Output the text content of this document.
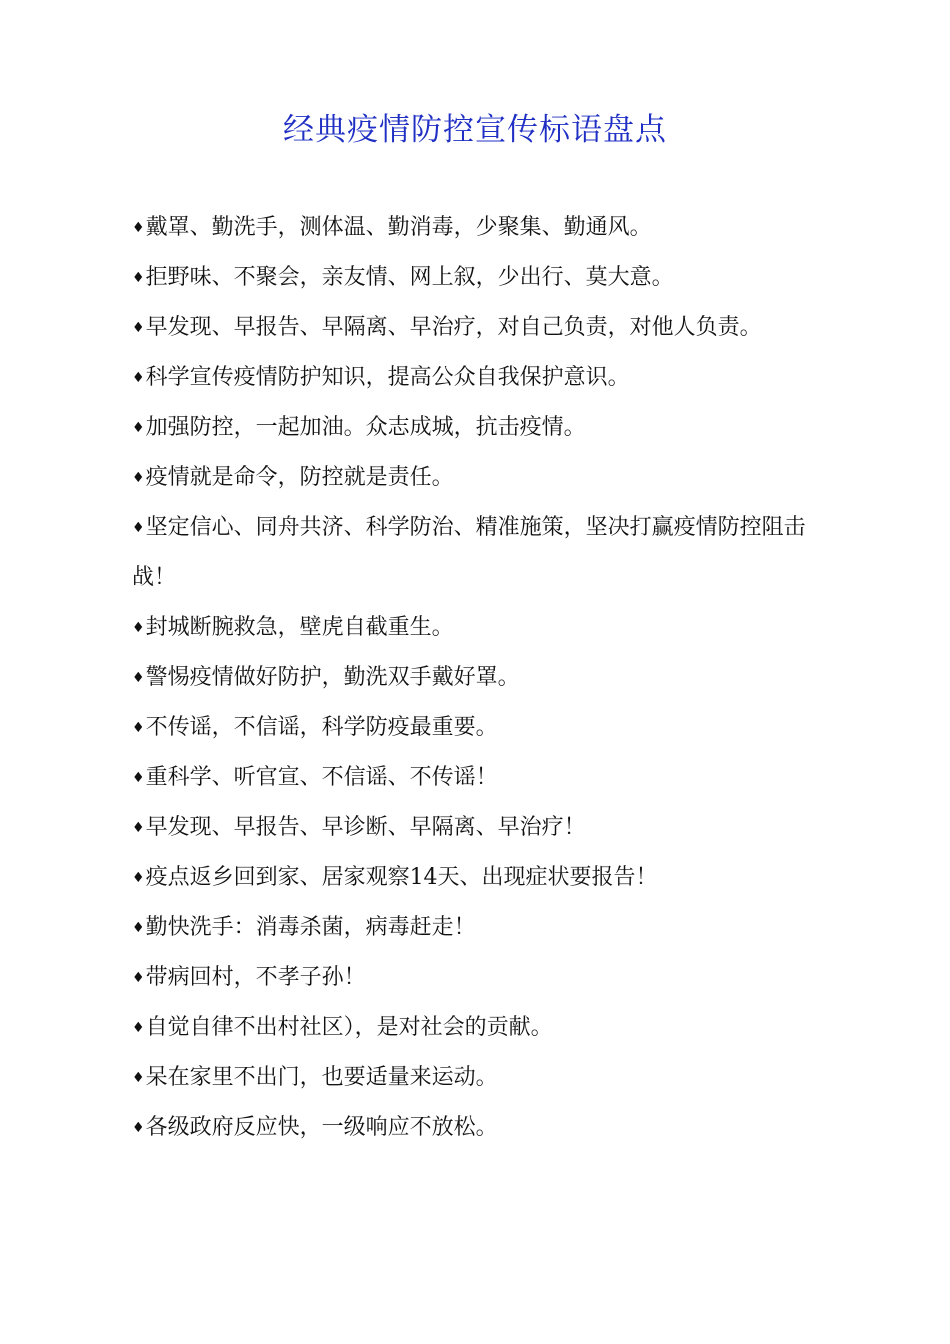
经典疫情防控宣传标语盘点
♦戴罩、勤洗手，测体温、勤消毒，少聚集、勤通风。
♦拒野味、不聚会，亲友情、网上叙，少出行、莫大意。
♦早发现、早报告、早隔离、早治疗，对自己负责，对他人负责。
♦科学宣传疫情防护知识，提高公众自我保护意识。
♦加强防控，一起加油。众志成城，抗击疫情。
♦疫情就是命令，防控就是责任。
♦坚定信心、同舟共济、科学防治、精准施策，坚决打赢疫情防控阻击战！
♦封城断腕救急，壁虎自截重生。
♦警惕疫情做好防护，勤洗双手戴好罩。
♦不传谣，不信谣，科学防疫最重要。
♦重科学、听官宣、不信谣、不传谣！
♦早发现、早报告、早诊断、早隔离、早治疗！
♦疫点返乡回到家、居家观察14天、出现症状要报告！
♦勤快洗手：消毒杀菌，病毒赶走！
♦带病回村，不孝子孙！
♦自觉自律不出村社区），是对社会的贡献。
♦呆在家里不出门，也要适量来运动。
♦各级政府反应快，一级响应不放松。
